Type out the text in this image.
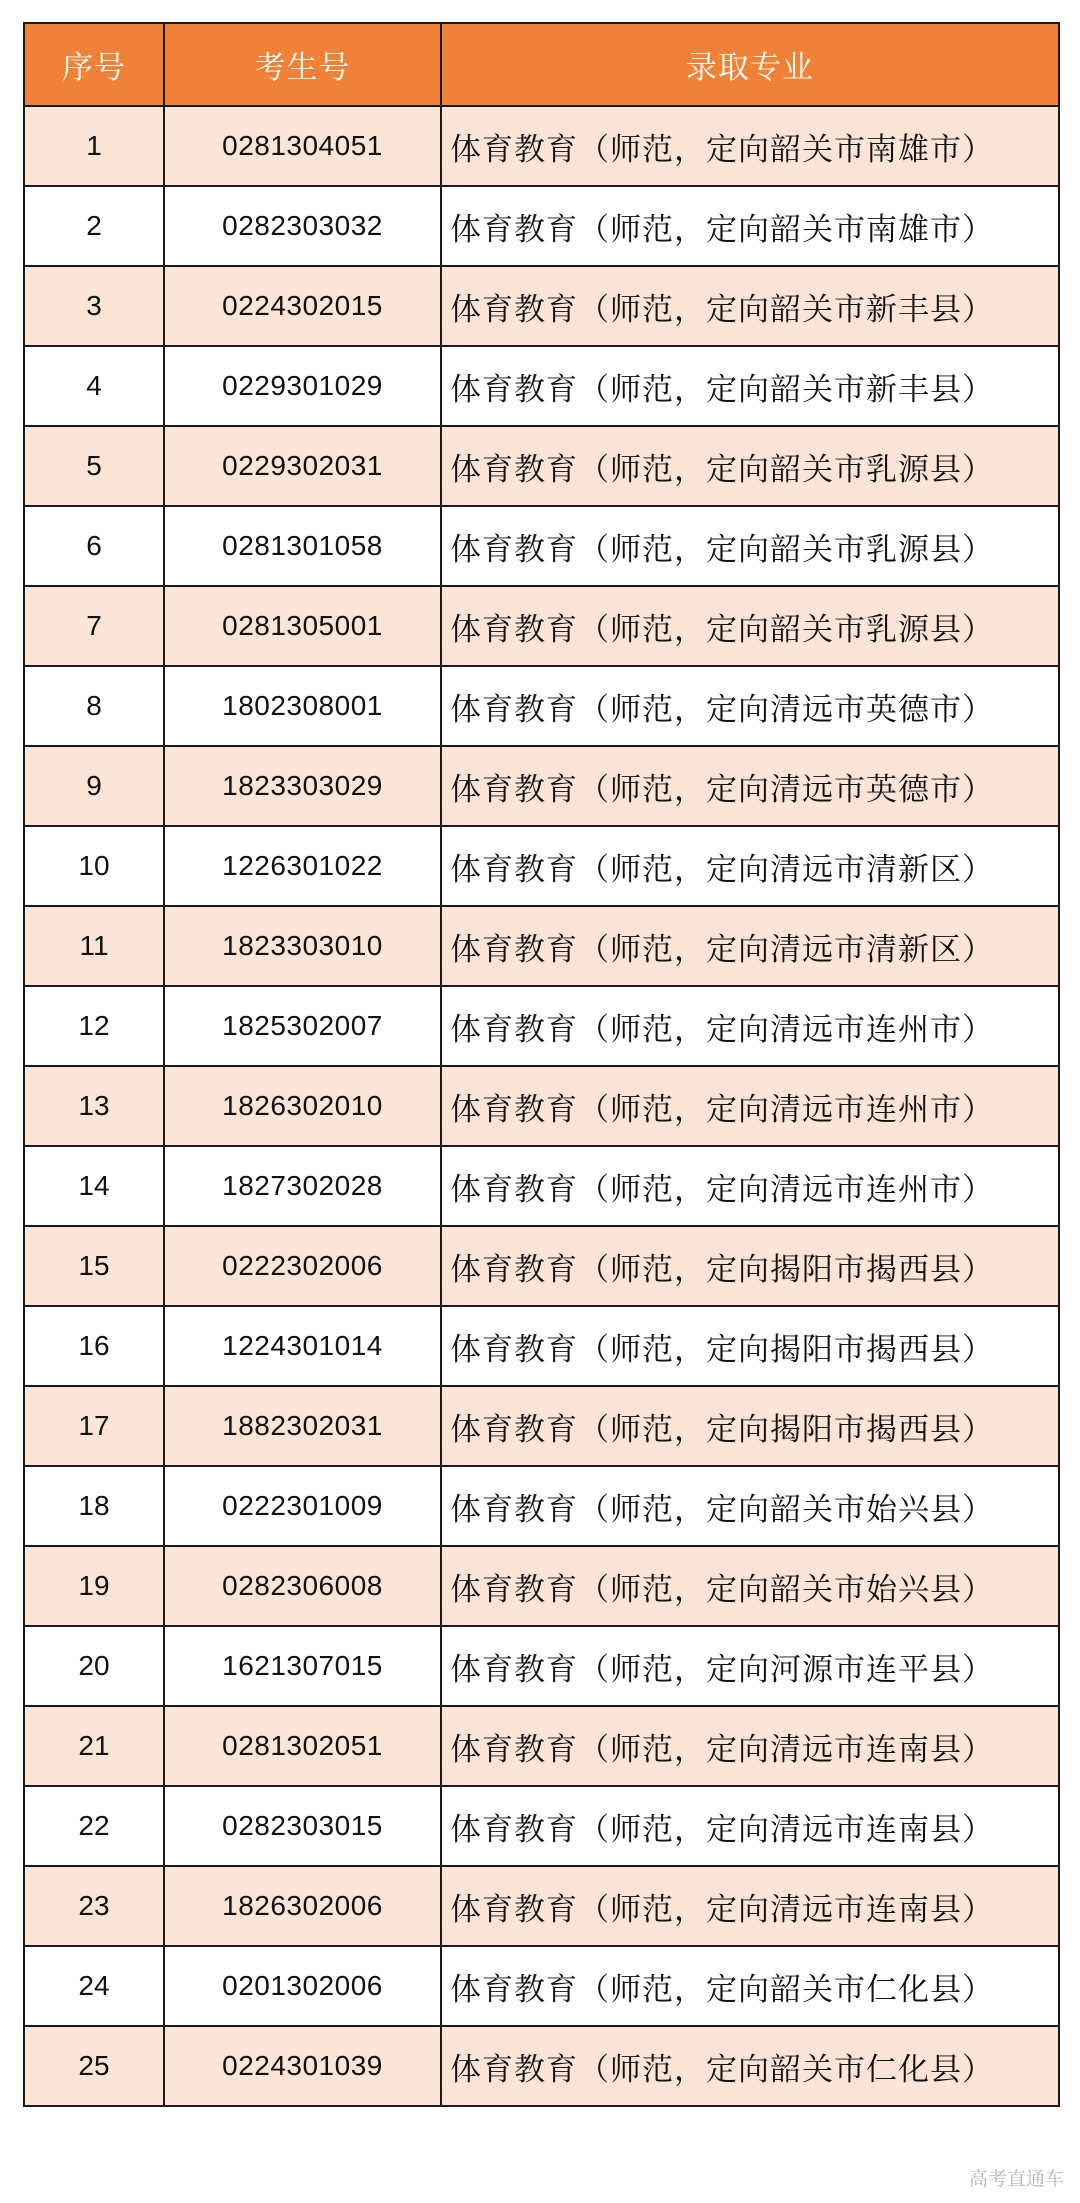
序号	考生号	录取专业
1	0281304051	体育教育（师范，定向韶关市南雄市）
2	0282303032	体育教育（师范，定向韶关市南雄市）
3	0224302015	体育教育（师范，定向韶关市新丰县）
4	0229301029	体育教育（师范，定向韶关市新丰县）
5	0229302031	体育教育（师范，定向韶关市乳源县）
6	0281301058	体育教育（师范，定向韶关市乳源县）
7	0281305001	体育教育（师范，定向韶关市乳源县）
8	1802308001	体育教育（师范，定向清远市英德市）
9	1823303029	体育教育（师范，定向清远市英德市）
10	1226301022	体育教育（师范，定向清远市清新区）
11	1823303010	体育教育（师范，定向清远市清新区）
12	1825302007	体育教育（师范，定向清远市连州市）
13	1826302010	体育教育（师范，定向清远市连州市）
14	1827302028	体育教育（师范，定向清远市连州市）
15	0222302006	体育教育（师范，定向揭阳市揭西县）
16	1224301014	体育教育（师范，定向揭阳市揭西县）
17	1882302031	体育教育（师范，定向揭阳市揭西县）
18	0222301009	体育教育（师范，定向韶关市始兴县）
19	0282306008	体育教育（师范，定向韶关市始兴县）
20	1621307015	体育教育（师范，定向河源市连平县）
21	0281302051	体育教育（师范，定向清远市连南县）
22	0282303015	体育教育（师范，定向清远市连南县）
23	1826302006	体育教育（师范，定向清远市连南县）
24	0201302006	体育教育（师范，定向韶关市仁化县）
25	0224301039	体育教育（师范，定向韶关市仁化县）
高考直通车
